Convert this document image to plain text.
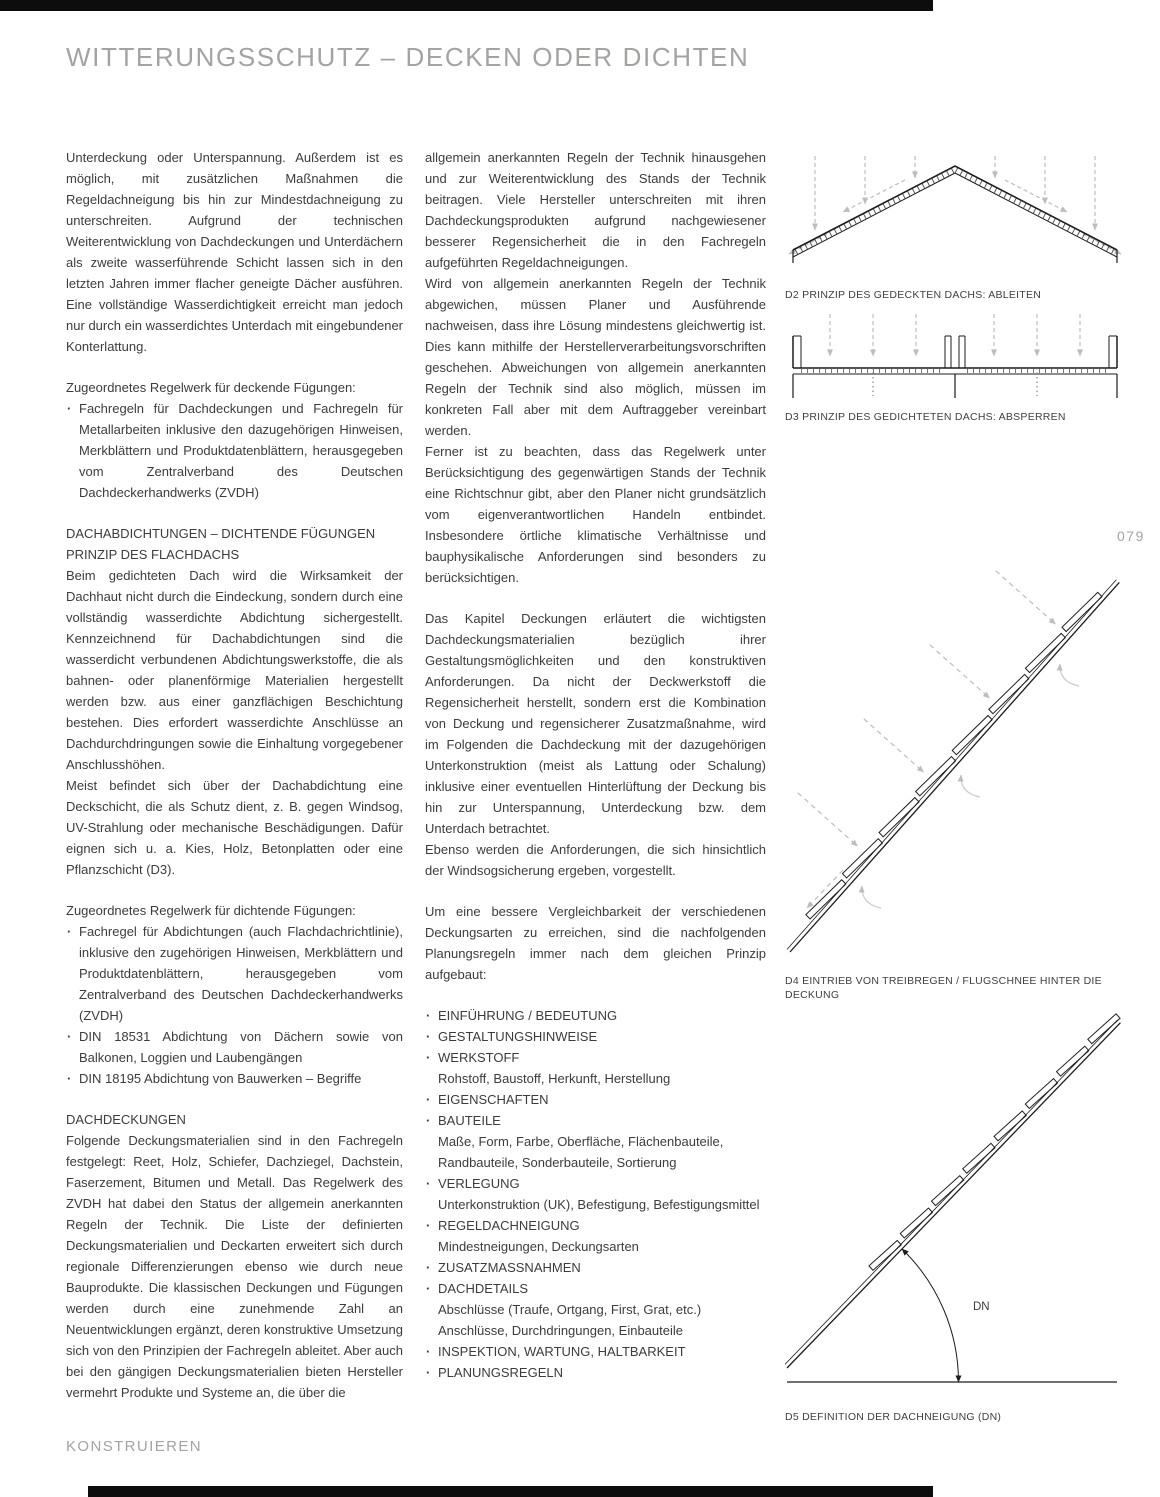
WITTERUNGSSCHUTZ – DECKEN ODER DICHTEN

Unterdeckung oder Unterspannung. Außerdem ist es möglich, mit zusätzlichen Maßnahmen die Regeldachneigung bis hin zur Mindestdachneigung zu unterschreiten. Aufgrund der technischen Weiterentwicklung von Dachdeckungen und Unterdächern als zweite wasserführende Schicht lassen sich in den letzten Jahren immer flacher geneigte Dächer ausführen. Eine vollständige Wasserdichtigkeit erreicht man jedoch nur durch ein wasserdichtes Unterdach mit eingebundener Konterlattung.

Zugeordnetes Regelwerk für deckende Fügungen:

· Fachregeln für Dachdeckungen und Fachregeln für Metallarbeiten inklusive den dazugehörigen Hinweisen, Merkblättern und Produktdatenblättern, herausgegeben vom Zentralverband des Deutschen Dachdeckerhandwerks (ZVDH)

DACHABDICHTUNGEN – DICHTENDE FÜGUNGEN

PRINZIP DES FLACHDACHS

Beim gedichteten Dach wird die Wirksamkeit der Dachhaut nicht durch die Eindeckung, sondern durch eine vollständig wasserdichte Abdichtung sichergestellt. Kennzeichnend für Dachabdichtungen sind die wasserdicht verbundenen Abdichtungswerkstoffe, die als bahnen- oder planenförmige Materialien hergestellt werden bzw. aus einer ganzflächigen Beschichtung bestehen. Dies erfordert wasserdichte Anschlüsse an Dachdurchdringungen sowie die Einhaltung vorgegebener Anschlusshöhen.

Meist befindet sich über der Dachabdichtung eine Deckschicht, die als Schutz dient, z. B. gegen Windsog, UV-Strahlung oder mechanische Beschädigungen. Dafür eignen sich u. a. Kies, Holz, Betonplatten oder eine Pflanzschicht (D3).

Zugeordnetes Regelwerk für dichtende Fügungen:

· Fachregel für Abdichtungen (auch Flachdachrichtlinie), inklusive den zugehörigen Hinweisen, Merkblättern und Produktdatenblättern, herausgegeben vom Zentralverband des Deutschen Dachdeckerhandwerks (ZVDH)
· DIN 18531 Abdichtung von Dächern sowie von Balkonen, Loggien und Laubengängen
· DIN 18195 Abdichtung von Bauwerken – Begriffe

DACHDECKUNGEN

Folgende Deckungsmaterialien sind in den Fachregeln festgelegt: Reet, Holz, Schiefer, Dachziegel, Dachstein, Faserzement, Bitumen und Metall. Das Regelwerk des ZVDH hat dabei den Status der allgemein anerkannten Regeln der Technik. Die Liste der definierten Deckungsmaterialien und Deckarten erweitert sich durch regionale Differenzierungen ebenso wie durch neue Bauprodukte. Die klassischen Deckungen und Fügungen werden durch eine zunehmende Zahl an Neuentwicklungen ergänzt, deren konstruktive Umsetzung sich von den Prinzipien der Fachregeln ableitet. Aber auch bei den gängigen Deckungsmaterialien bieten Hersteller vermehrt Produkte und Systeme an, die über die

allgemein anerkannten Regeln der Technik hinausgehen und zur Weiterentwicklung des Stands der Technik beitragen. Viele Hersteller unterschreiten mit ihren Dachdeckungsprodukten aufgrund nachgewiesener besserer Regensicherheit die in den Fachregeln aufgeführten Regeldachneigungen.

Wird von allgemein anerkannten Regeln der Technik abgewichen, müssen Planer und Ausführende nachweisen, dass ihre Lösung mindestens gleichwertig ist. Dies kann mithilfe der Herstellerverarbeitungsvorschriften geschehen. Abweichungen von allgemein anerkannten Regeln der Technik sind also möglich, müssen im konkreten Fall aber mit dem Auftraggeber vereinbart werden.

Ferner ist zu beachten, dass das Regelwerk unter Berücksichtigung des gegenwärtigen Stands der Technik eine Richtschnur gibt, aber den Planer nicht grundsätzlich vom eigenverantwortlichen Handeln entbindet. Insbesondere örtliche klimatische Verhältnisse und bauphysikalische Anforderungen sind besonders zu berücksichtigen.

Das Kapitel Deckungen erläutert die wichtigsten Dachdeckungsmaterialien bezüglich ihrer Gestaltungsmöglichkeiten und den konstruktiven Anforderungen. Da nicht der Deckwerkstoff die Regensicherheit herstellt, sondern erst die Kombination von Deckung und regensicherer Zusatzmaßnahme, wird im Folgenden die Dachdeckung mit der dazugehörigen Unterkonstruktion (meist als Lattung oder Schalung) inklusive einer eventuellen Hinterlüftung der Deckung bis hin zur Unterspannung, Unterdeckung bzw. dem Unterdach betrachtet.

Ebenso werden die Anforderungen, die sich hinsichtlich der Windsogsicherung ergeben, vorgestellt.

Um eine bessere Vergleichbarkeit der verschiedenen Deckungsarten zu erreichen, sind die nachfolgenden Planungsregeln immer nach dem gleichen Prinzip aufgebaut:

· EINFÜHRUNG / BEDEUTUNG
· GESTALTUNGSHINWEISE
· WERKSTOFF
Rohstoff, Baustoff, Herkunft, Herstellung
· EIGENSCHAFTEN
· BAUTEILE
Maße, Form, Farbe, Oberfläche, Flächenbauteile, Randbauteile, Sonderbauteile, Sortierung
· VERLEGUNG
Unterkonstruktion (UK), Befestigung, Befestigungsmittel
· REGELDACHNEIGUNG
Mindestneigungen, Deckungsarten
· ZUSATZMASSNAHMEN
· DACHDETAILS
Abschlüsse (Traufe, Ortgang, First, Grat, etc.)
Anschlüsse, Durchdringungen, Einbauteile
· INSPEKTION, WARTUNG, HALTBARKEIT
· PLANUNGSREGELN
D2 PRINZIP DES GEDECKTEN DACHS: ABLEITEN
D3 PRINZIP DES GEDICHTETEN DACHS: ABSPERREN
079
D4 EINTRIEB VON TREIBREGEN / FLUGSCHNEE HINTER DIE DECKUNG
DN
D5 DEFINITION DER DACHNEIGUNG (DN)
KONSTRUIEREN
